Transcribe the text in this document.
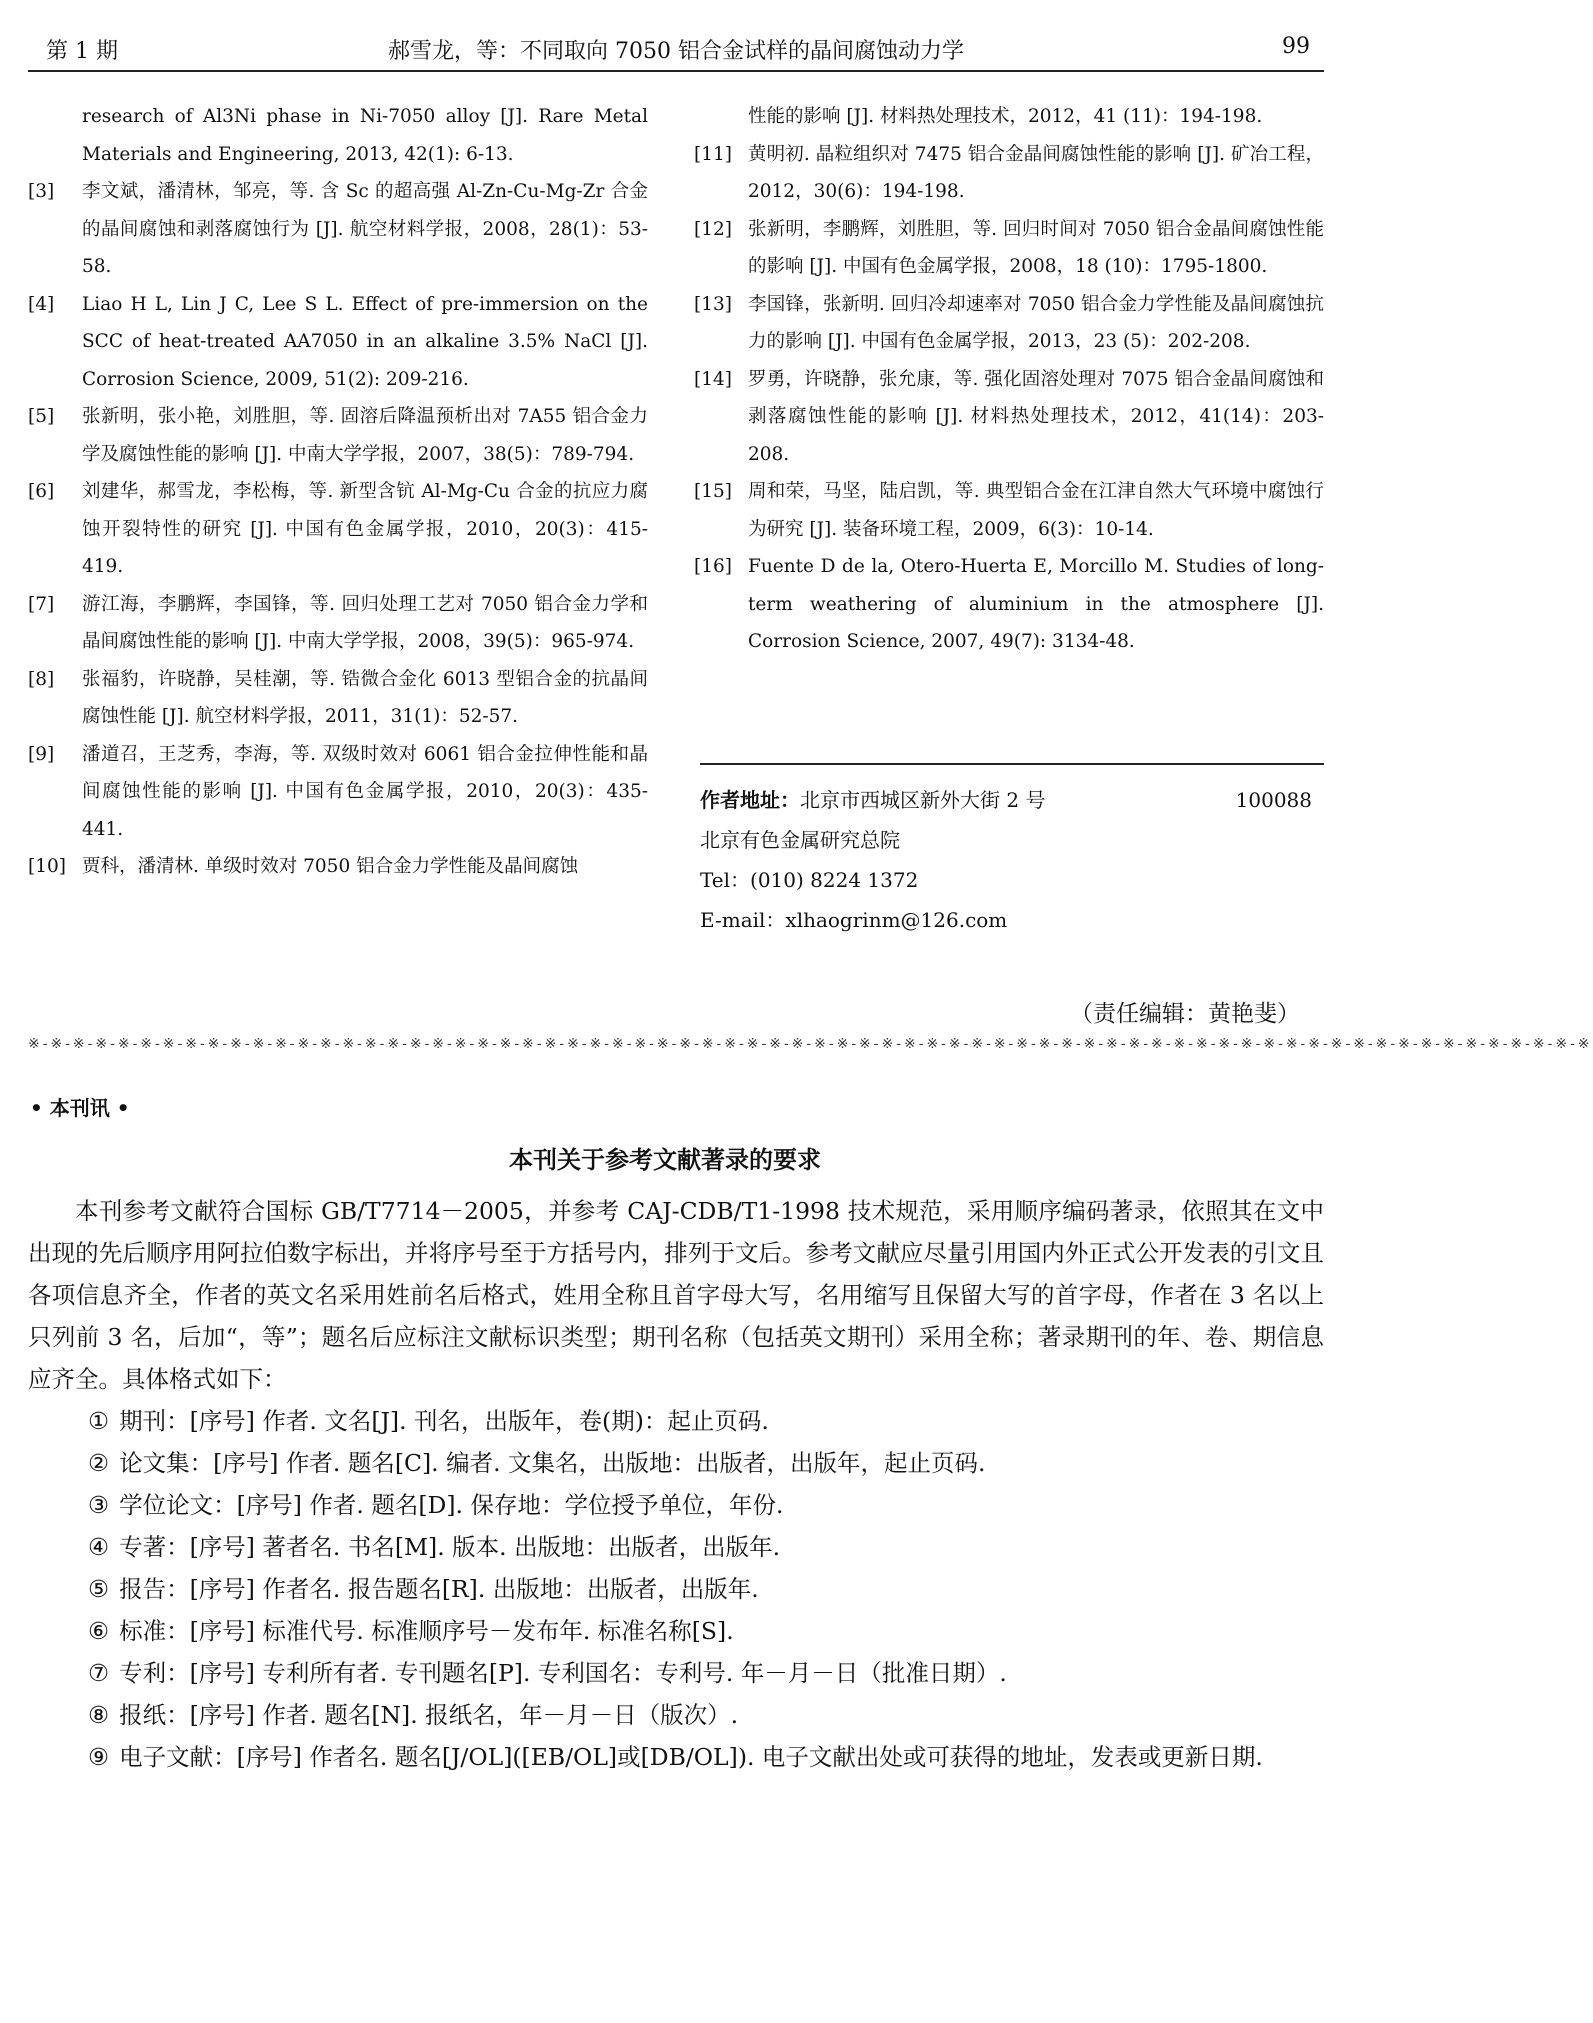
第 1 期	郝雪龙，等：不同取向 7050 铝合金试样的晶间腐蚀动力学	99
research of Al3Ni phase in Ni-7050 alloy [J]. Rare Metal Materials and Engineering, 2013, 42(1): 6-13.
[3] 李文斌，潘清林，邹亮，等. 含 Sc 的超高强 Al-Zn-Cu-Mg-Zr 合金的晶间腐蚀和剥落腐蚀行为 [J]. 航空材料学报，2008，28(1)：53-58.
[4] Liao H L, Lin J C, Lee S L. Effect of pre-immersion on the SCC of heat-treated AA7050 in an alkaline 3.5% NaCl [J]. Corrosion Science, 2009, 51(2): 209-216.
[5] 张新明，张小艳，刘胜胆，等. 固溶后降温预析出对 7A55 铝合金力学及腐蚀性能的影响 [J]. 中南大学学报，2007，38(5)：789-794.
[6] 刘建华，郝雪龙，李松梅，等. 新型含钪 Al-Mg-Cu 合金的抗应力腐蚀开裂特性的研究 [J]. 中国有色金属学报，2010，20(3)：415-419.
[7] 游江海，李鹏辉，李国锋，等. 回归处理工艺对 7050 铝合金力学和晶间腐蚀性能的影响 [J]. 中南大学学报，2008，39(5)：965-974.
[8] 张福豹，许晓静，吴桂潮，等. 锆微合金化 6013 型铝合金的抗晶间腐蚀性能 [J]. 航空材料学报，2011，31(1)：52-57.
[9] 潘道召，王芝秀，李海，等. 双级时效对 6061 铝合金拉伸性能和晶间腐蚀性能的影响 [J]. 中国有色金属学报，2010，20(3)：435-441.
[10] 贾科，潘清林. 单级时效对 7050 铝合金力学性能及晶间腐蚀
性能的影响 [J]. 材料热处理技术，2012，41 (11)：194-198.
[11] 黄明初. 晶粒组织对 7475 铝合金晶间腐蚀性能的影响 [J]. 矿冶工程，2012，30(6)：194-198.
[12] 张新明，李鹏辉，刘胜胆，等. 回归时间对 7050 铝合金晶间腐蚀性能的影响 [J]. 中国有色金属学报，2008，18 (10)：1795-1800.
[13] 李国锋，张新明. 回归冷却速率对 7050 铝合金力学性能及晶间腐蚀抗力的影响 [J]. 中国有色金属学报，2013，23 (5)：202-208.
[14] 罗勇，许晓静，张允康，等. 强化固溶处理对 7075 铝合金晶间腐蚀和剥落腐蚀性能的影响 [J]. 材料热处理技术，2012，41(14)：203-208.
[15] 周和荣，马坚，陆启凯，等. 典型铝合金在江津自然大气环境中腐蚀行为研究 [J]. 装备环境工程，2009，6(3)：10-14.
[16] Fuente D de la, Otero-Huerta E, Morcillo M. Studies of long-term weathering of aluminium in the atmosphere [J]. Corrosion Science, 2007, 49(7): 3134-48.
作者地址：北京市西城区新外大街 2 号	100088
北京有色金属研究总院
Tel：(010) 8224 1372
E-mail：xlhaogrinm@126.com
（责任编辑：黄艳斐）
※-※-※-※-※-※-※-※-※-※-※-※-※-※-※-※-※-※-※-※-※-※-※-※-※-※-※-※-※-※-※-※-※-※-※-※-※-※-※-※-※-※-※-※-※-※-※-※-※-※-※-※-※-※-※-※-※-※-※-※-※-※-※-※-※-※-※-※-※-※
• 本刊讯 •
本刊关于参考文献著录的要求

本刊参考文献符合国标 GB/T7714－2005，并参考 CAJ-CDB/T1-1998 技术规范，采用顺序编码著录，依照其在文中出现的先后顺序用阿拉伯数字标出，并将序号至于方括号内，排列于文后。参考文献应尽量引用国内外正式公开发表的引文且各项信息齐全，作者的英文名采用姓前名后格式，姓用全称且首字母大写，名用缩写且保留大写的首字母，作者在 3 名以上只列前 3 名，后加“，等”；题名后应标注文献标识类型；期刊名称（包括英文期刊）采用全称；著录期刊的年、卷、期信息应齐全。具体格式如下：

① 期刊：[序号] 作者. 文名[J]. 刊名，出版年，卷(期)：起止页码.

② 论文集：[序号] 作者. 题名[C]. 编者. 文集名，出版地：出版者，出版年，起止页码.

③ 学位论文：[序号] 作者. 题名[D]. 保存地：学位授予单位，年份.

④ 专著：[序号] 著者名. 书名[M]. 版本. 出版地：出版者，出版年.

⑤ 报告：[序号] 作者名. 报告题名[R]. 出版地：出版者，出版年.

⑥ 标准：[序号] 标准代号. 标准顺序号－发布年. 标准名称[S].

⑦ 专利：[序号] 专利所有者. 专刊题名[P]. 专利国名：专利号. 年－月－日（批准日期）.

⑧ 报纸：[序号] 作者. 题名[N]. 报纸名，年－月－日（版次）.

⑨ 电子文献：[序号] 作者名. 题名[J/OL]([EB/OL]或[DB/OL]). 电子文献出处或可获得的地址，发表或更新日期.
